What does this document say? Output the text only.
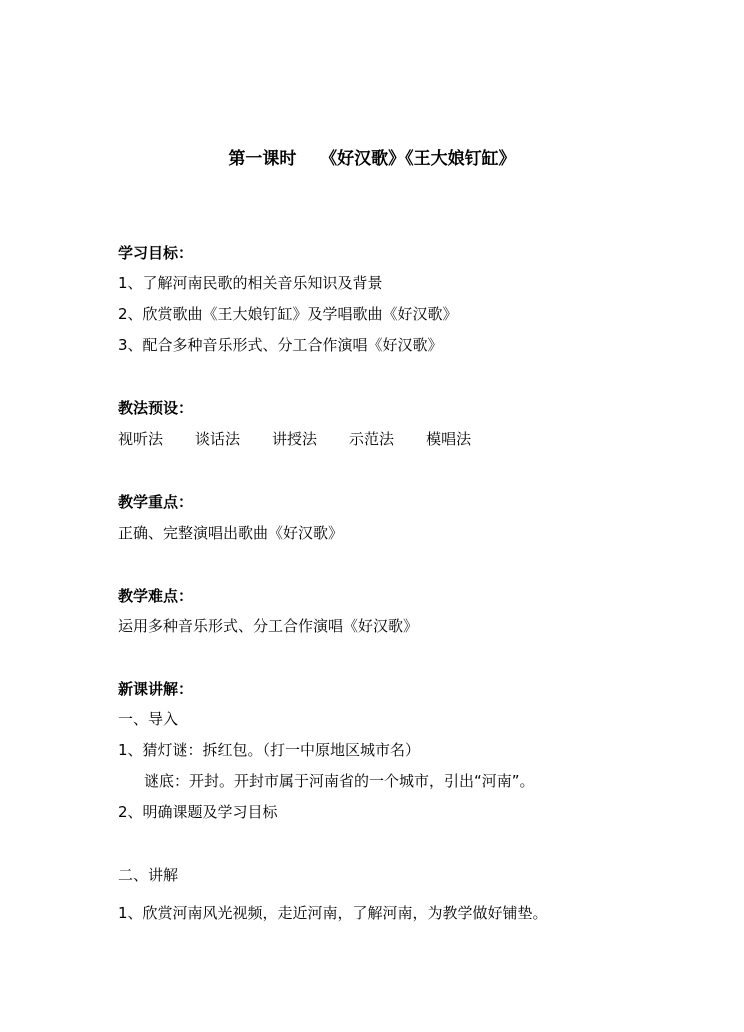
第一课时    《好汉歌》《王大娘钉缸》
学习目标：
1、了解河南民歌的相关音乐知识及背景
2、欣赏歌曲《王大娘钉缸》及学唱歌曲《好汉歌》
3、配合多种音乐形式、分工合作演唱《好汉歌》
教法预设：
视听法 谈话法 讲授法 示范法 模唱法
教学重点：
正确、完整演唱出歌曲《好汉歌》
教学难点：
运用多种音乐形式、分工合作演唱《好汉歌》
新课讲解：
一、导入
1、猜灯谜：拆红包。（打一中原地区城市名）
谜底：开封。开封市属于河南省的一个城市，引出“河南”。
2、明确课题及学习目标
二、讲解
1、欣赏河南风光视频，走近河南，了解河南，为教学做好铺垫。
